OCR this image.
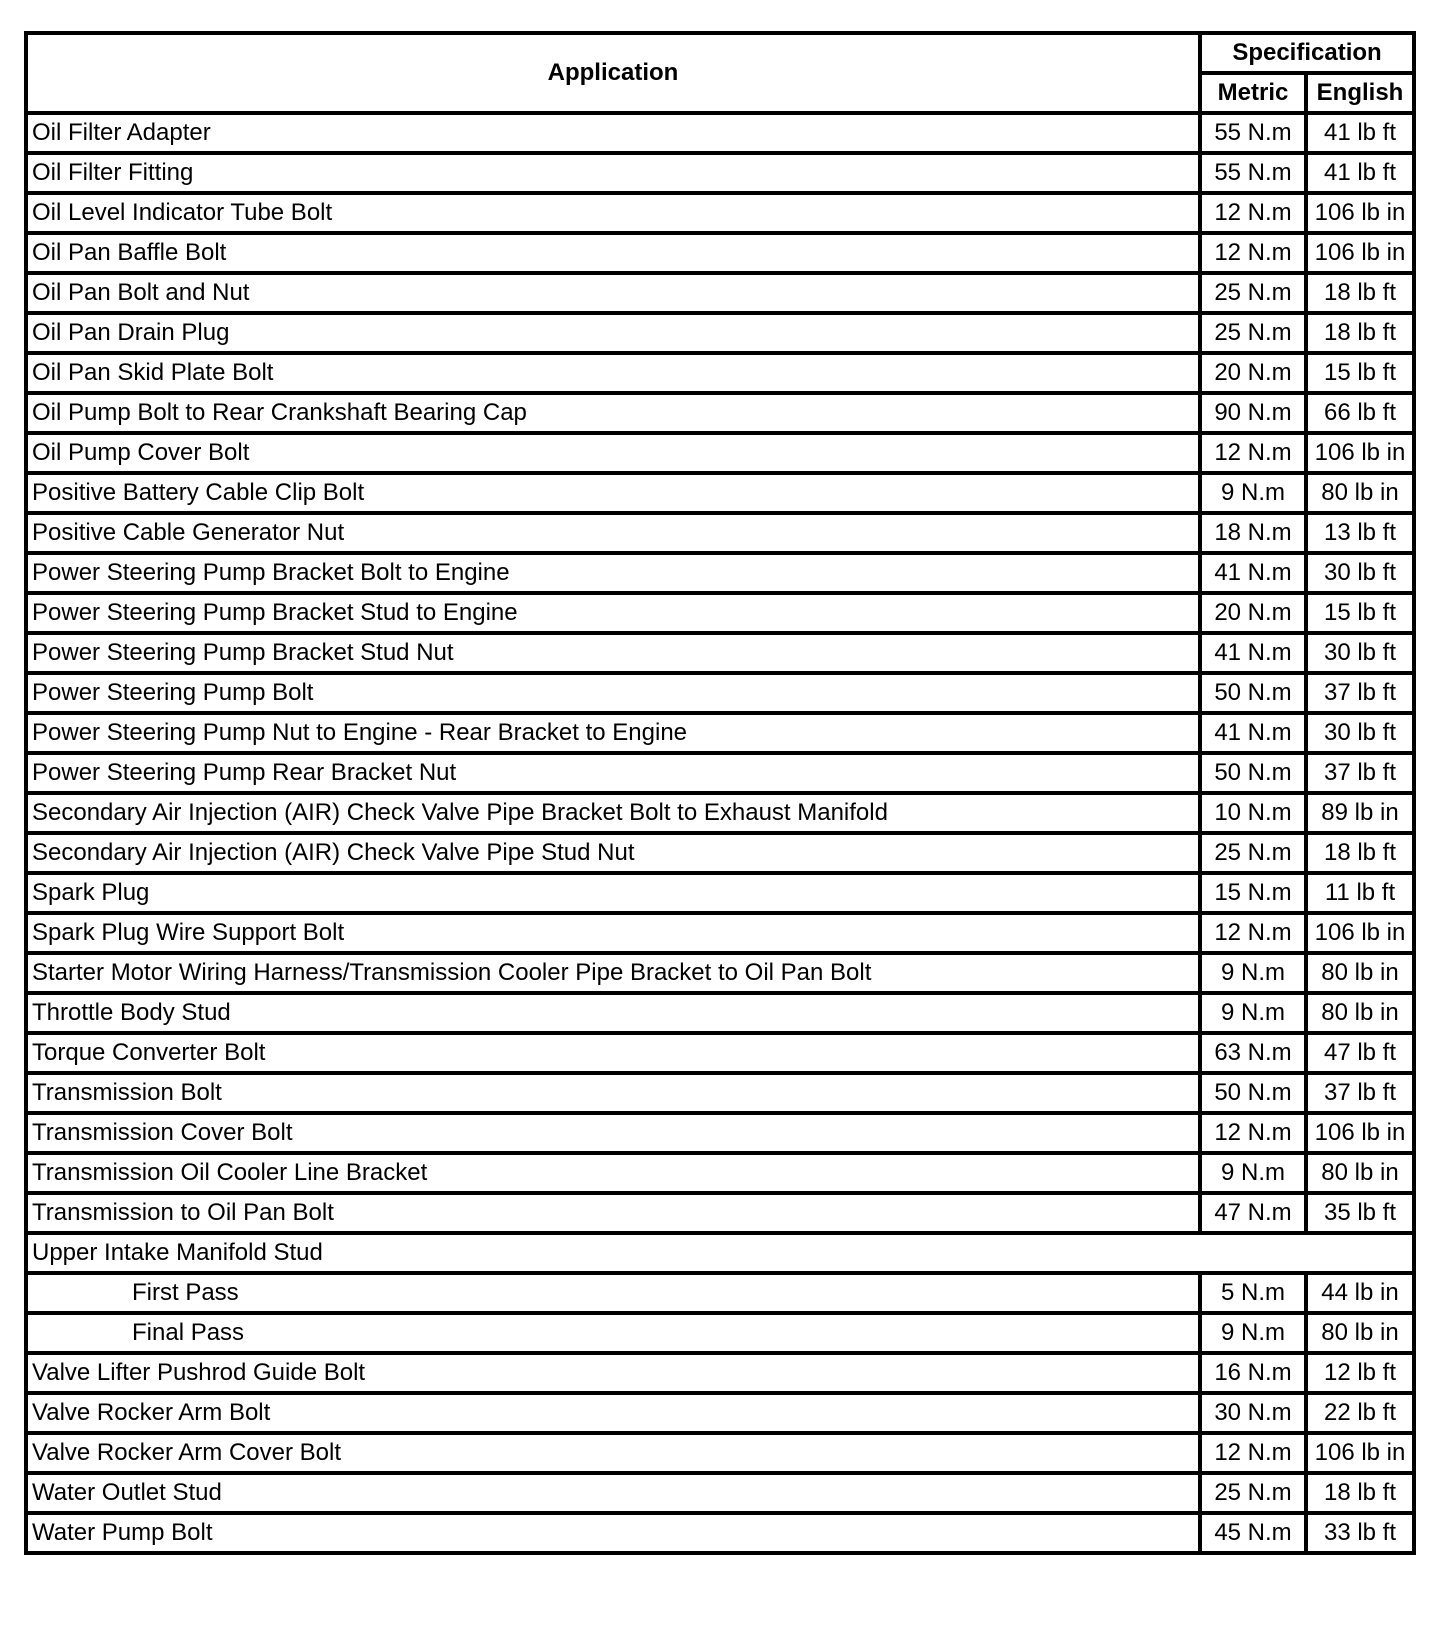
Application	Specification	
	Metric	English
Oil Filter Adapter	55 N.m	41 lb ft
Oil Filter Fitting	55 N.m	41 lb ft
Oil Level Indicator Tube Bolt	12 N.m	106 lb in
Oil Pan Baffle Bolt	12 N.m	106 lb in
Oil Pan Bolt and Nut	25 N.m	18 lb ft
Oil Pan Drain Plug	25 N.m	18 lb ft
Oil Pan Skid Plate Bolt	20 N.m	15 lb ft
Oil Pump Bolt to Rear Crankshaft Bearing Cap	90 N.m	66 lb ft
Oil Pump Cover Bolt	12 N.m	106 lb in
Positive Battery Cable Clip Bolt	9 N.m	80 lb in
Positive Cable Generator Nut	18 N.m	13 lb ft
Power Steering Pump Bracket Bolt to Engine	41 N.m	30 lb ft
Power Steering Pump Bracket Stud to Engine	20 N.m	15 lb ft
Power Steering Pump Bracket Stud Nut	41 N.m	30 lb ft
Power Steering Pump Bolt	50 N.m	37 lb ft
Power Steering Pump Nut to Engine - Rear Bracket to Engine	41 N.m	30 lb ft
Power Steering Pump Rear Bracket Nut	50 N.m	37 lb ft
Secondary Air Injection (AIR) Check Valve Pipe Bracket Bolt to Exhaust Manifold	10 N.m	89 lb in
Secondary Air Injection (AIR) Check Valve Pipe Stud Nut	25 N.m	18 lb ft
Spark Plug	15 N.m	11 lb ft
Spark Plug Wire Support Bolt	12 N.m	106 lb in
Starter Motor Wiring Harness/Transmission Cooler Pipe Bracket to Oil Pan Bolt	9 N.m	80 lb in
Throttle Body Stud	9 N.m	80 lb in
Torque Converter Bolt	63 N.m	47 lb ft
Transmission Bolt	50 N.m	37 lb ft
Transmission Cover Bolt	12 N.m	106 lb in
Transmission Oil Cooler Line Bracket	9 N.m	80 lb in
Transmission to Oil Pan Bolt	47 N.m	35 lb ft
Upper Intake Manifold Stud		
First Pass	5 N.m	44 lb in
Final Pass	9 N.m	80 lb in
Valve Lifter Pushrod Guide Bolt	16 N.m	12 lb ft
Valve Rocker Arm Bolt	30 N.m	22 lb ft
Valve Rocker Arm Cover Bolt	12 N.m	106 lb in
Water Outlet Stud	25 N.m	18 lb ft
Water Pump Bolt	45 N.m	33 lb ft
